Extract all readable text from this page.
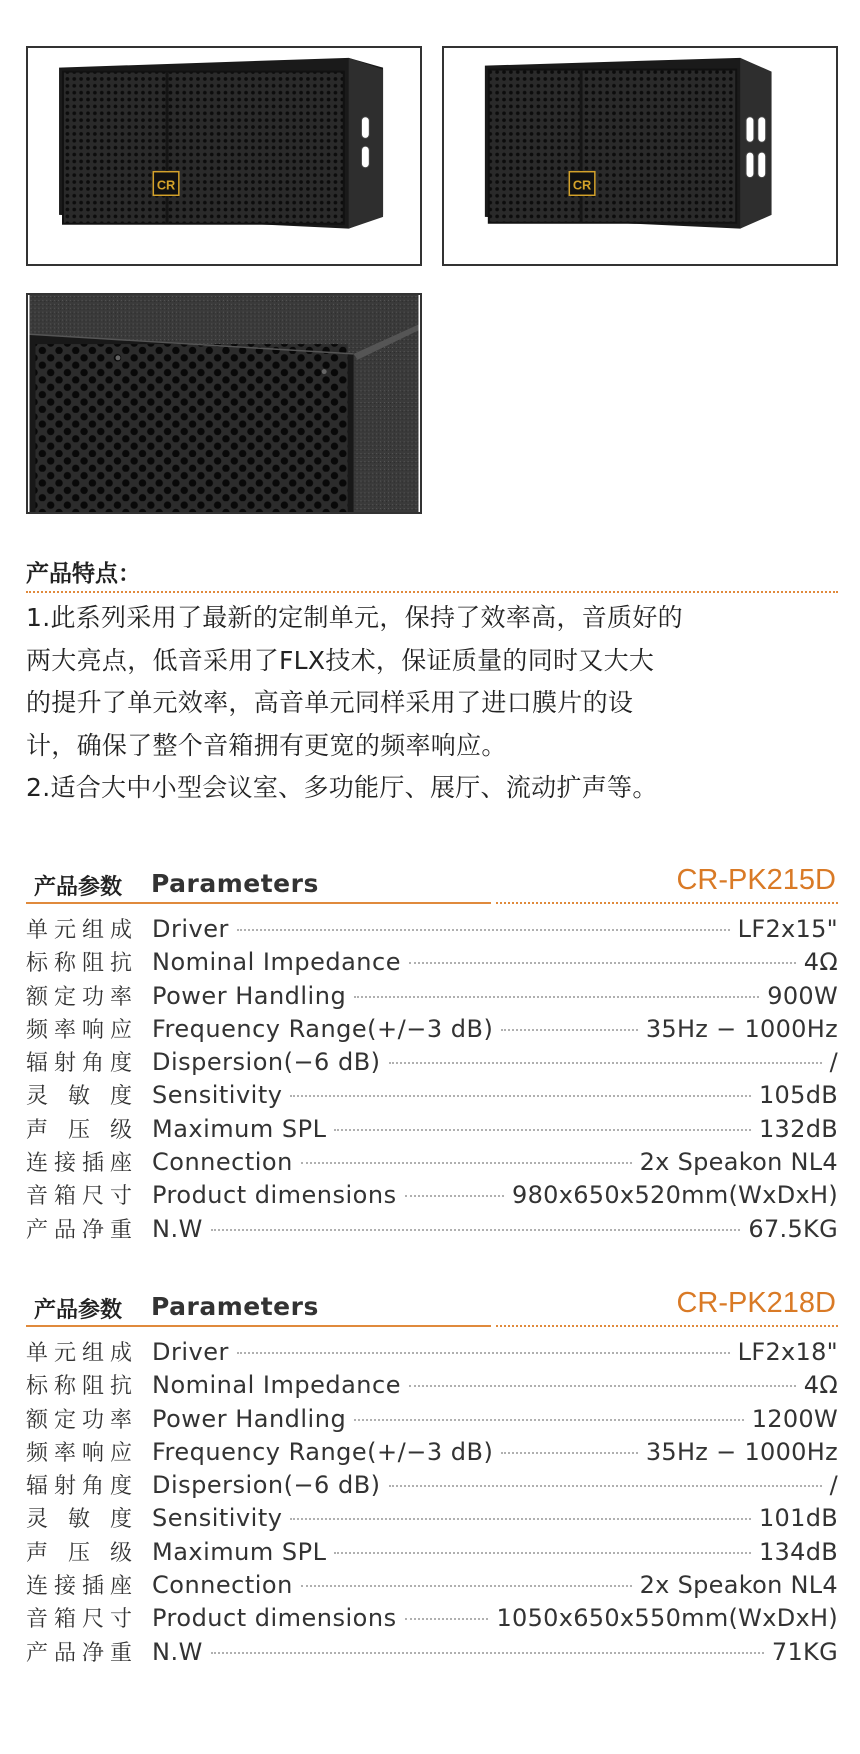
CR	CR
产品特点：

1.此系列采用了最新的定制单元，保持了效率高，音质好的

两大亮点，低音采用了FLX技术，保证质量的同时又大大

的提升了单元效率，高音单元同样采用了进口膜片的设

计，确保了整个音箱拥有更宽的频率响应。

2.适合大中小型会议室、多功能厅、展厅、流动扩声等。

产品参数 Parameters	CR-PK215D
单元组成 Driver	LF2x15"
标称阻抗 Nominal Impedance	4Ω
额定功率 Power Handling	900W
频率响应 Frequency Range(+/−3 dB)	35Hz − 1000Hz
辐射角度 Dispersion(−6 dB)	/
灵敏度 Sensitivity	105dB
声压级 Maximum SPL	132dB
连接插座 Connection	2x Speakon NL4
音箱尺寸 Product dimensions	980x650x520mm(WxDxH)
产品净重 N.W	67.5KG
产品参数 Parameters	CR-PK218D
单元组成 Driver	LF2x18"
标称阻抗 Nominal Impedance	4Ω
额定功率 Power Handling	1200W
频率响应 Frequency Range(+/−3 dB)	35Hz − 1000Hz
辐射角度 Dispersion(−6 dB)	/
灵敏度 Sensitivity	101dB
声压级 Maximum SPL	134dB
连接插座 Connection	2x Speakon NL4
音箱尺寸 Product dimensions	1050x650x550mm(WxDxH)
产品净重 N.W	71KG
